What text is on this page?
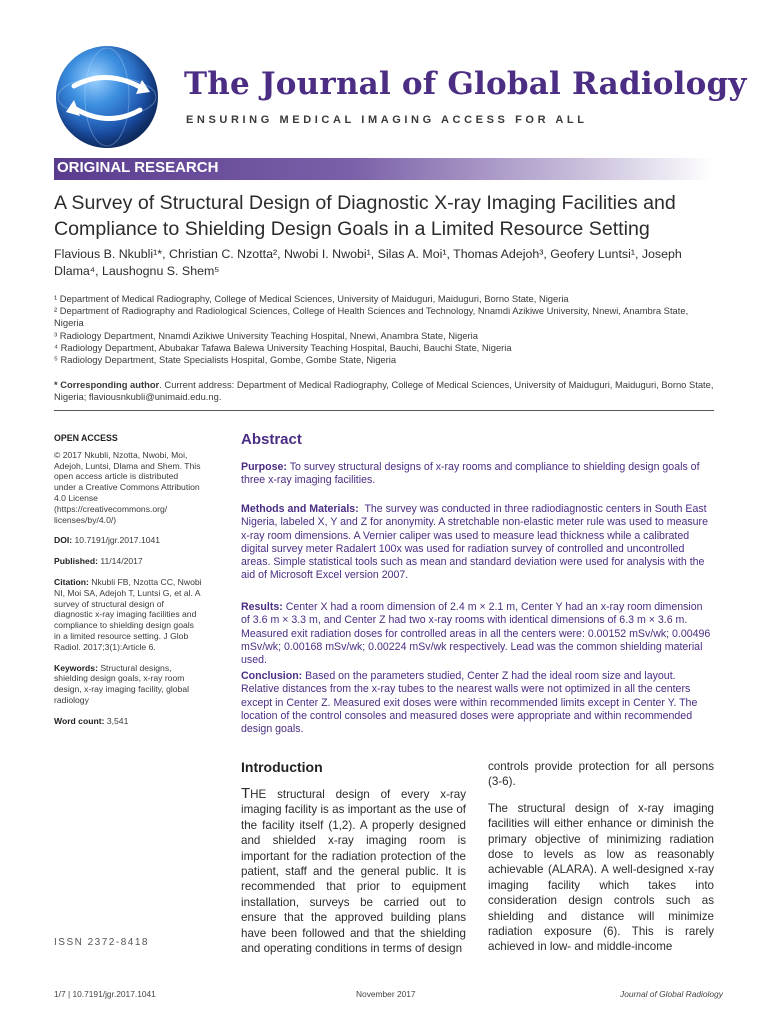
The Journal of Global Radiology
ENSURING MEDICAL IMAGING ACCESS FOR ALL
ORIGINAL RESEARCH
A Survey of Structural Design of Diagnostic X-ray Imaging Facilities and Compliance to Shielding Design Goals in a Limited Resource Setting
Flavious B. Nkubli¹*, Christian C. Nzotta², Nwobi I. Nwobi¹, Silas A. Moi¹, Thomas Adejoh³, Geofery Luntsi¹, Joseph Dlama⁴, Laushognu S. Shem⁵
¹ Department of Medical Radiography, College of Medical Sciences, University of Maiduguri, Maiduguri, Borno State, Nigeria
² Department of Radiography and Radiological Sciences, College of Health Sciences and Technology, Nnamdi Azikiwe University, Nnewi, Anambra State, Nigeria
³ Radiology Department, Nnamdi Azikiwe University Teaching Hospital, Nnewi, Anambra State, Nigeria
⁴ Radiology Department, Abubakar Tafawa Balewa University Teaching Hospital, Bauchi, Bauchi State, Nigeria
⁵ Radiology Department, State Specialists Hospital, Gombe, Gombe State, Nigeria
* Corresponding author. Current address: Department of Medical Radiography, College of Medical Sciences, University of Maiduguri, Maiduguri, Borno State, Nigeria; flaviousnkubli@unimaid.edu.ng.
OPEN ACCESS
© 2017 Nkubli, Nzotta, Nwobi, Moi, Adejoh, Luntsi, Dlama and Shem. This open access article is distributed under a Creative Commons Attribution 4.0 License (https://creativecommons.org/ licenses/by/4.0/)
DOI: 10.7191/jgr.2017.1041
Published: 11/14/2017
Citation: Nkubli FB, Nzotta CC, Nwobi NI, Moi SA, Adejoh T, Luntsi G, et al. A survey of structural design of diagnostic x-ray imaging facilities and compliance to shielding design goals in a limited resource setting. J Glob Radiol. 2017;3(1):Article 6.
Keywords: Structural designs, shielding design goals, x-ray room design, x-ray imaging facility, global radiology
Word count: 3,541
ISSN 2372-8418
Abstract
Purpose: To survey structural designs of x-ray rooms and compliance to shielding design goals of three x-ray imaging facilities.
Methods and Materials: The survey was conducted in three radiodiagnostic centers in South East Nigeria, labeled X, Y and Z for anonymity. A stretchable non-elastic meter rule was used to measure x-ray room dimensions. A Vernier caliper was used to measure lead thickness while a calibrated digital survey meter Radalert 100x was used for radiation survey of controlled and uncontrolled areas. Simple statistical tools such as mean and standard deviation were used for analysis with the aid of Microsoft Excel version 2007.
Results: Center X had a room dimension of 2.4 m × 2.1 m, Center Y had an x-ray room dimension of 3.6 m × 3.3 m, and Center Z had two x-ray rooms with identical dimensions of 6.3 m × 3.6 m. Measured exit radiation doses for controlled areas in all the centers were: 0.00152 mSv/wk; 0.00496 mSv/wk; 0.00168 mSv/wk; 0.00224 mSv/wk respectively. Lead was the common shielding material used.
Conclusion: Based on the parameters studied, Center Z had the ideal room size and layout. Relative distances from the x-ray tubes to the nearest walls were not optimized in all the centers except in Center Z. Measured exit doses were within recommended limits except in Center Y. The location of the control consoles and measured doses were appropriate and within recommended design goals.
Introduction

THE structural design of every x-ray imaging facility is as important as the use of the facility itself (1,2). A properly designed and shielded x-ray imaging room is important for the radiation protection of the patient, staff and the general public. It is recommended that prior to equipment installation, surveys be carried out to ensure that the approved building plans have been followed and that the shielding and operating conditions in terms of design

controls provide protection for all persons (3-6).

The structural design of x-ray imaging facilities will either enhance or diminish the primary objective of minimizing radiation dose to levels as low as reasonably achievable (ALARA). A well-designed x-ray imaging facility which takes into consideration design controls such as shielding and distance will minimize radiation exposure (6). This is rarely achieved in low- and middle-income

1/7 | 10.7191/jgr.2017.1041	November 2017	Journal of Global Radiology
